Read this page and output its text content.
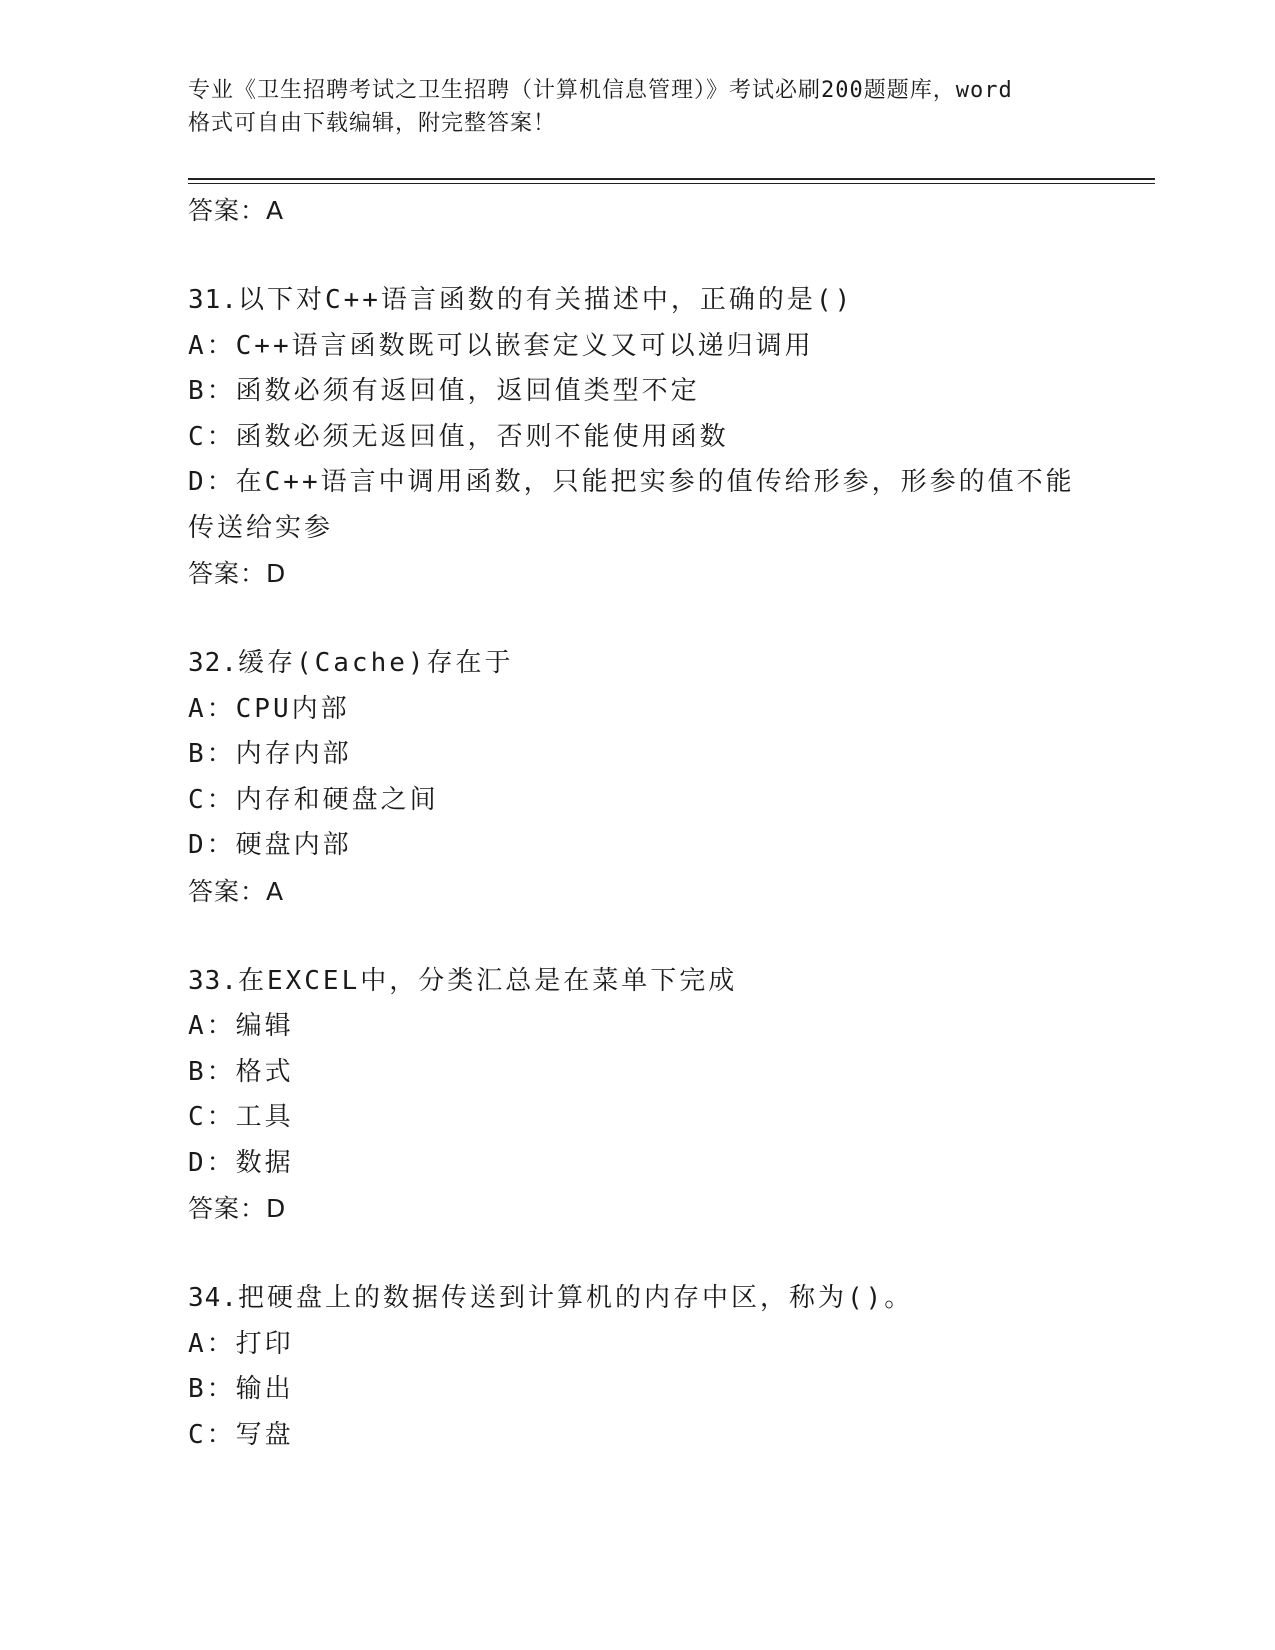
专业《卫生招聘考试之卫生招聘（计算机信息管理）》考试必刷200题题库，word
格式可自由下载编辑，附完整答案！
答案：A
31.以下对C++语言函数的有关描述中，正确的是()
A：C++语言函数既可以嵌套定义又可以递归调用
B：函数必须有返回值，返回值类型不定
C：函数必须无返回值，否则不能使用函数
D：在C++语言中调用函数，只能把实参的值传给形参，形参的值不能
传送给实参
答案：D
32.缓存(Cache)存在于
A：CPU内部
B：内存内部
C：内存和硬盘之间
D：硬盘内部
答案：A
33.在EXCEL中，分类汇总是在菜单下完成
A：编辑
B：格式
C：工具
D：数据
答案：D
34.把硬盘上的数据传送到计算机的内存中区，称为()。
A：打印
B：输出
C：写盘
